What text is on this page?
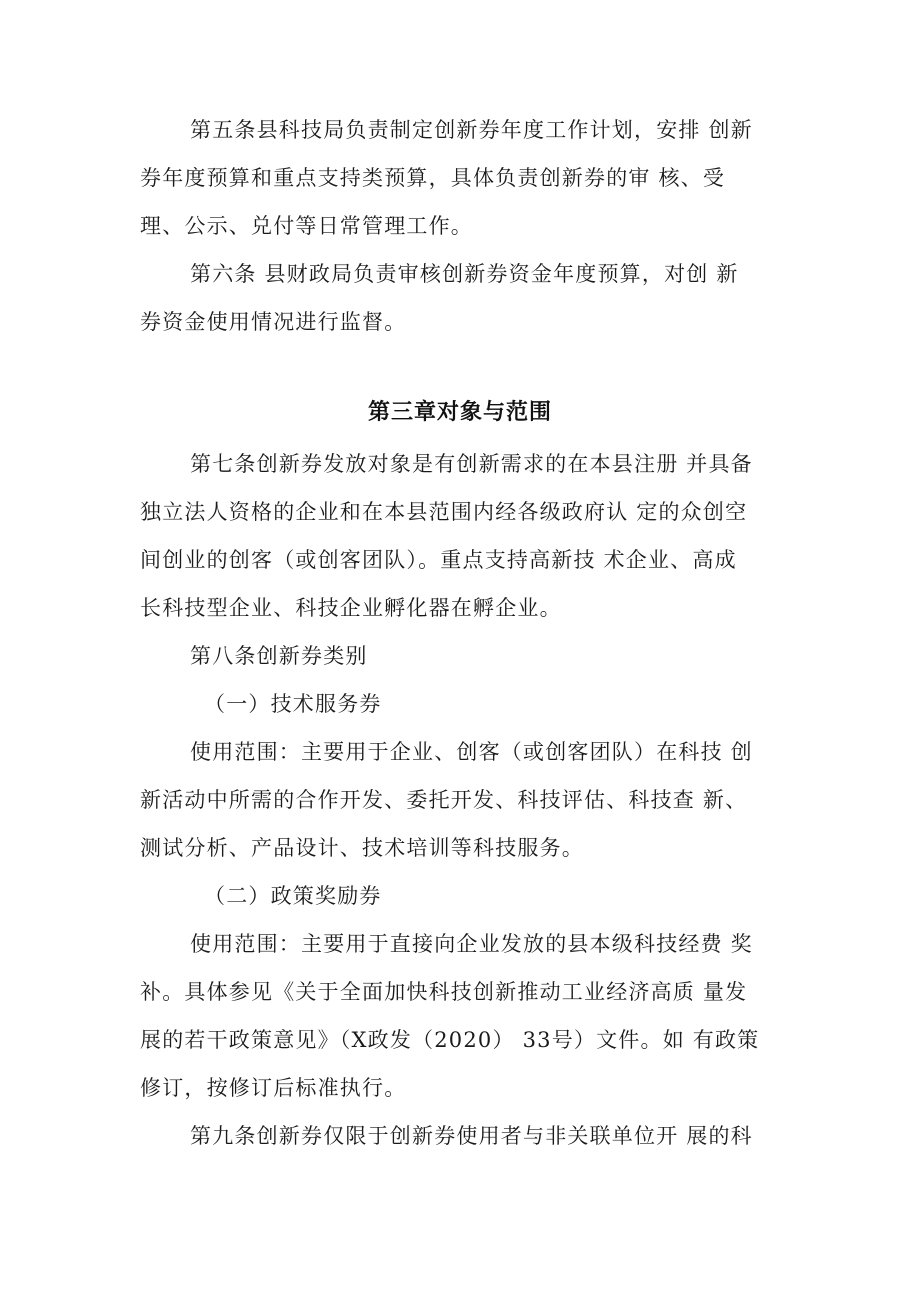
第五条县科技局负责制定创新券年度工作计划，安排 创新
券年度预算和重点支持类预算，具体负责创新券的审 核、受
理、公示、兑付等日常管理工作。
第六条 县财政局负责审核创新券资金年度预算，对创 新
券资金使用情况进行监督。
第三章对象与范围
第七条创新券发放对象是有创新需求的在本县注册 并具备
独立法人资格的企业和在本县范围内经各级政府认 定的众创空
间创业的创客（或创客团队）。重点支持高新技 术企业、高成
长科技型企业、科技企业孵化器在孵企业。
第八条创新券类别
（一）技术服务券
使用范围：主要用于企业、创客（或创客团队）在科技 创
新活动中所需的合作开发、委托开发、科技评估、科技查 新、
测试分析、产品设计、技术培训等科技服务。
（二）政策奖励券
使用范围：主要用于直接向企业发放的县本级科技经费 奖
补。具体参见《关于全面加快科技创新推动工业经济高质 量发
展的若干政策意见》（X政发（2020） 33号）文件。如 有政策
修订，按修订后标准执行。
第九条创新券仅限于创新券使用者与非关联单位开 展的科
